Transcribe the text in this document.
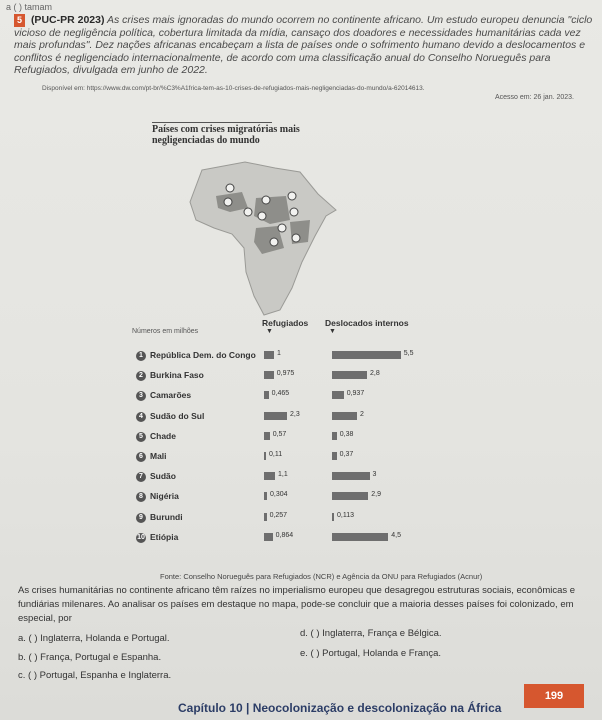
a ( ) tamam
5 (PUC-PR 2023) As crises mais ignoradas do mundo ocorrem no continente africano. Um estudo europeu denuncia "ciclo vicioso de negligência política, cobertura limitada da mídia, cansaço dos doadores e necessidades humanitárias cada vez mais profundas". Dez nações africanas encabeçam a lista de países onde o sofrimento humano devido a deslocamentos e conflitos é negligenciado internacionalmente, de acordo com uma classificação anual do Conselho Norueguês para Refugiados, divulgada em junho de 2022.
Disponível em: https://www.dw.com/pt-br/%C3%A1frica-tem-as-10-crises-de-refugiados-mais-negligenciadas-do-mundo/a-62014613.
Acesso em: 26 jan. 2023.
Países com crises migratórias mais negligenciadas do mundo
Números em milhões
Refugiados
▼
Deslocados internos
▼
1 República Dem. do Congo	1	5,5
2 Burkina Faso	0,975	2,8
3 Camarões	0,465	0,937
4 Sudão do Sul	2,3	2
5 Chade	0,57	0,38
6 Mali	0,11	0,37
7 Sudão	1,1	3
8 Nigéria	0,304	2,9
9 Burundi	0,257	0,113
10 Etiópia	0,864	4,5
Fonte: Conselho Norueguês para Refugiados (NCR) e Agência da ONU para Refugiados (Acnur)
As crises humanitárias no continente africano têm raízes no imperialismo europeu que desagregou estruturas sociais, econômicas e fundiárias milenares. Ao analisar os países em destaque no mapa, pode-se concluir que a maioria desses países foi colonizado, em especial, por
a. ( ) Inglaterra, Holanda e Portugal.
b. ( ) França, Portugal e Espanha.
c. ( ) Portugal, Espanha e Inglaterra.
d. ( ) Inglaterra, França e Bélgica.
e. ( ) Portugal, Holanda e França.
Capítulo 10 | Neocolonização e descolonização na África
199
